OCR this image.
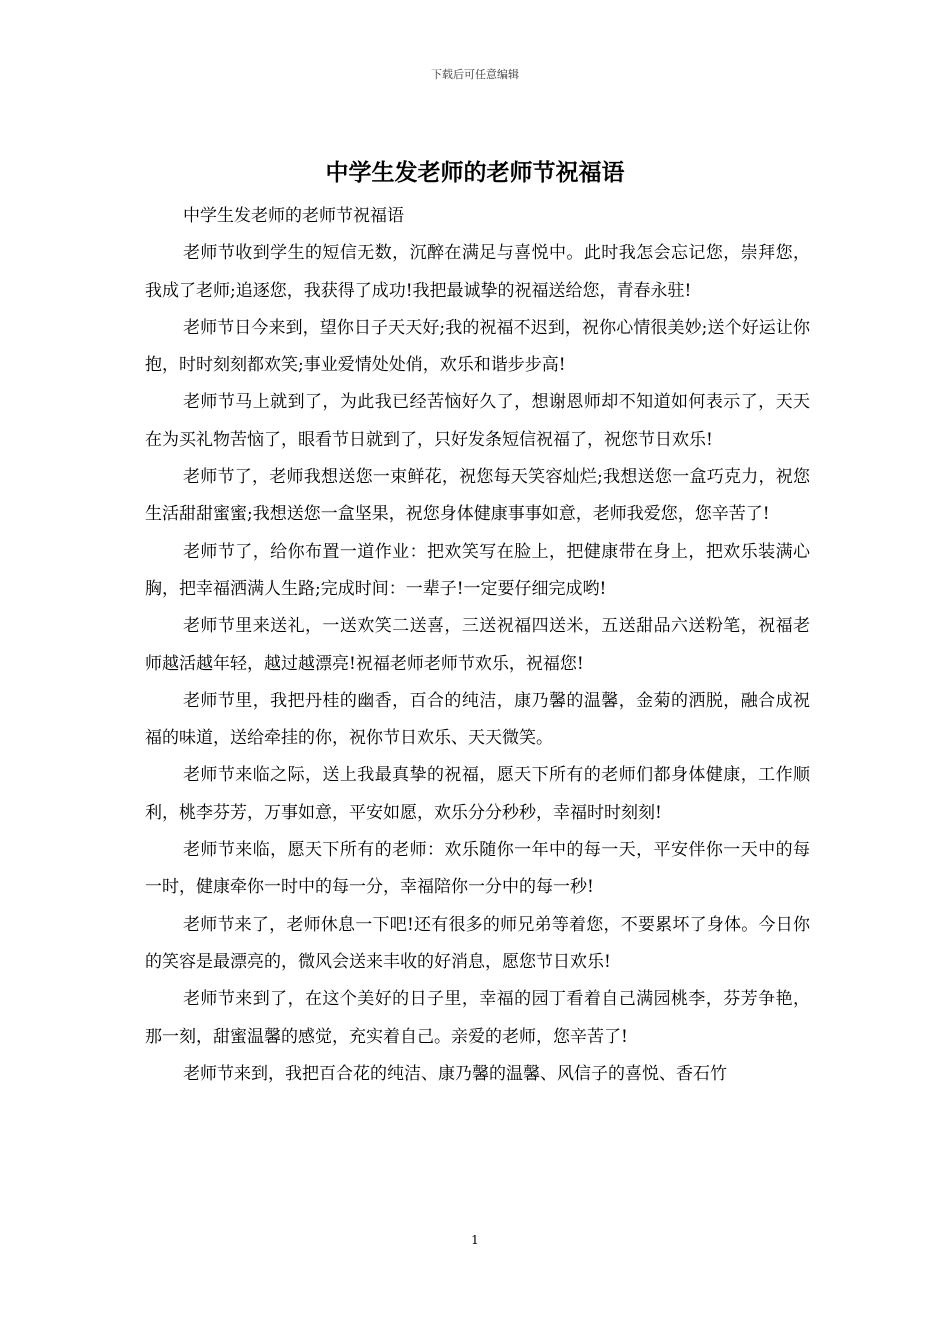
下载后可任意编辑
中学生发老师的老师节祝福语

中学生发老师的老师节祝福语

老师节收到学生的短信无数，沉醉在满足与喜悦中。此时我怎会忘记您，崇拜您，我成了老师;追逐您，我获得了成功!我把最诚挚的祝福送给您，青春永驻!

老师节日今来到，望你日子天天好;我的祝福不迟到，祝你心情很美妙;送个好运让你抱，时时刻刻都欢笑;事业爱情处处俏，欢乐和谐步步高!

老师节马上就到了，为此我已经苦恼好久了，想谢恩师却不知道如何表示了，天天在为买礼物苦恼了，眼看节日就到了，只好发条短信祝福了，祝您节日欢乐!

老师节了，老师我想送您一束鲜花，祝您每天笑容灿烂;我想送您一盒巧克力，祝您生活甜甜蜜蜜;我想送您一盒坚果，祝您身体健康事事如意，老师我爱您，您辛苦了!

老师节了，给你布置一道作业：把欢笑写在脸上，把健康带在身上，把欢乐装满心胸，把幸福洒满人生路;完成时间：一辈子!一定要仔细完成哟!

老师节里来送礼，一送欢笑二送喜，三送祝福四送米，五送甜品六送粉笔，祝福老师越活越年轻，越过越漂亮!祝福老师老师节欢乐，祝福您!

老师节里，我把丹桂的幽香，百合的纯洁，康乃馨的温馨，金菊的洒脱，融合成祝福的味道，送给牵挂的你，祝你节日欢乐、天天微笑。

老师节来临之际，送上我最真挚的祝福，愿天下所有的老师们都身体健康，工作顺利，桃李芬芳，万事如意，平安如愿，欢乐分分秒秒，幸福时时刻刻!

老师节来临，愿天下所有的老师：欢乐随你一年中的每一天，平安伴你一天中的每一时，健康牵你一时中的每一分，幸福陪你一分中的每一秒!

老师节来了，老师休息一下吧!还有很多的师兄弟等着您，不要累坏了身体。今日你的笑容是最漂亮的，微风会送来丰收的好消息，愿您节日欢乐!

老师节来到了，在这个美好的日子里，幸福的园丁看着自己满园桃李，芬芳争艳，那一刻，甜蜜温馨的感觉，充实着自己。亲爱的老师，您辛苦了!

老师节来到，我把百合花的纯洁、康乃馨的温馨、风信子的喜悦、香石竹

1
